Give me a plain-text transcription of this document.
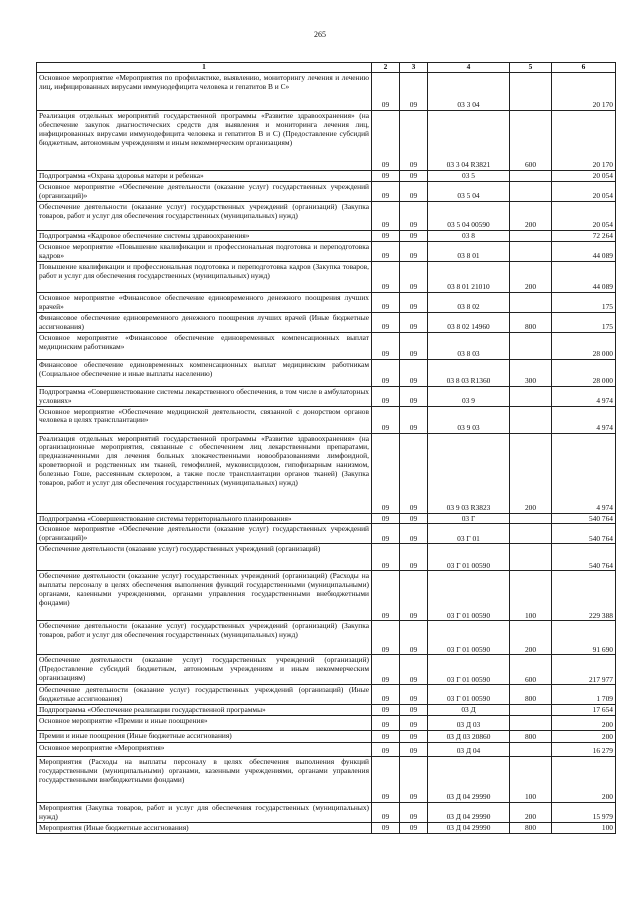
265
1	2	3	4	5	6
Основное мероприятие «Мероприятия по профилактике, выявлению, мониторингу лечения и лечению лиц, инфицированных вирусами иммунодефицита человека и гепатитов В и С»	09	09	03 3 04		20 170
Реализация отдельных мероприятий государственной программы «Развитие здравоохранения» (на обеспечение закупок диагностических средств для выявления и мониторинга лечения лиц, инфицированных вирусами иммунодефицита человека и гепатитов В и С) (Предоставление субсидий бюджетным, автономным учреждениям и иным некоммерческим организациям)	09	09	03 3 04 R3821	600	20 170
Подпрограмма «Охрана здоровья матери и ребенка»	09	09	03 5		20 054
Основное мероприятие «Обеспечение деятельности (оказание услуг) государственных учреждений (организаций)»	09	09	03 5 04		20 054
Обеспечение деятельности (оказание услуг) государственных учреждений (организаций) (Закупка товаров, работ и услуг для обеспечения государственных (муниципальных) нужд)	09	09	03 5 04 00590	200	20 054
Подпрограмма «Кадровое обеспечение системы здравоохранения»	09	09	03 8		72 264
Основное мероприятие «Повышение квалификации и профессиональная подготовка и переподготовка кадров»	09	09	03 8 01		44 089
Повышение квалификации и профессиональная подготовка и переподготовка кадров (Закупка товаров, работ и услуг для обеспечения государственных (муниципальных) нужд)	09	09	03 8 01 21010	200	44 089
Основное мероприятие «Финансовое обеспечение единовременного денежного поощрения лучших врачей»	09	09	03 8 02		175
Финансовое обеспечение единовременного денежного поощрения лучших врачей (Иные бюджетные ассигнования)	09	09	03 8 02 14960	800	175
Основное мероприятие «Финансовое обеспечение единовременных компенсационных выплат медицинским работникам»	09	09	03 8 03		28 000
Финансовое обеспечение единовременных компенсационных выплат медицинским работникам (Социальное обеспечение и иные выплаты населению)	09	09	03 8 03 R1360	300	28 000
Подпрограмма «Совершенствование системы лекарственного обеспечения, в том числе в амбулаторных условиях»	09	09	03 9		4 974
Основное мероприятие «Обеспечение медицинской деятельности, связанной с донорством органов человека в целях трансплантации»	09	09	03 9 03		4 974
Реализация отдельных мероприятий государственной программы «Развитие здравоохранения» (на организационные мероприятия, связанные с обеспечением лиц лекарственными препаратами, предназначенными для лечения больных злокачественными новообразованиями лимфоидной, кроветворной и родственных им тканей, гемофилией, муковисцидозом, гипофизарным нанизмом, болезнью Гоше, рассеянным склерозом, а также после трансплантации органов тканей) (Закупка товаров, работ и услуг для обеспечения государственных (муниципальных) нужд)	09	09	03 9 03 R3823	200	4 974
Подпрограмма «Совершенствование системы территориального планирования»	09	09	03 Г		540 764
Основное мероприятие «Обеспечение деятельности (оказание услуг) государственных учреждений (организаций)»	09	09	03 Г 01		540 764
Обеспечение деятельности (оказание услуг) государственных учреждений (организаций)	09	09	03 Г 01 00590		540 764
Обеспечение деятельности (оказание услуг) государственных учреждений (организаций) (Расходы на выплаты персоналу в целях обеспечения выполнения функций государственными (муниципальными) органами, казенными учреждениями, органами управления государственными внебюджетными фондами)	09	09	03 Г 01 00590	100	229 388
Обеспечение деятельности (оказание услуг) государственных учреждений (организаций) (Закупка товаров, работ и услуг для обеспечения государственных (муниципальных) нужд)	09	09	03 Г 01 00590	200	91 690
Обеспечение деятельности (оказание услуг) государственных учреждений (организаций) (Предоставление субсидий бюджетным, автономным учреждениям и иным некоммерческим организациям)	09	09	03 Г 01 00590	600	217 977
Обеспечение деятельности (оказание услуг) государственных учреждений (организаций) (Иные бюджетные ассигнования)	09	09	03 Г 01 00590	800	1 709
Подпрограмма «Обеспечение реализации государственной программы»	09	09	03 Д		17 654
Основное мероприятие «Премии и иные поощрения»	09	09	03 Д 03		200
Премии и иные поощрения (Иные бюджетные ассигнования)	09	09	03 Д 03 20860	800	200
Основное мероприятие «Мероприятия»	09	09	03 Д 04		16 279
Мероприятия (Расходы на выплаты персоналу в целях обеспечения выполнения функций государственными (муниципальными) органами, казенными учреждениями, органами управления государственными внебюджетными фондами)	09	09	03 Д 04 29990	100	200
Мероприятия (Закупка товаров, работ и услуг для обеспечения государственных (муниципальных) нужд)	09	09	03 Д 04 29990	200	15 979
Мероприятия (Иные бюджетные ассигнования)	09	09	03 Д 04 29990	800	100
